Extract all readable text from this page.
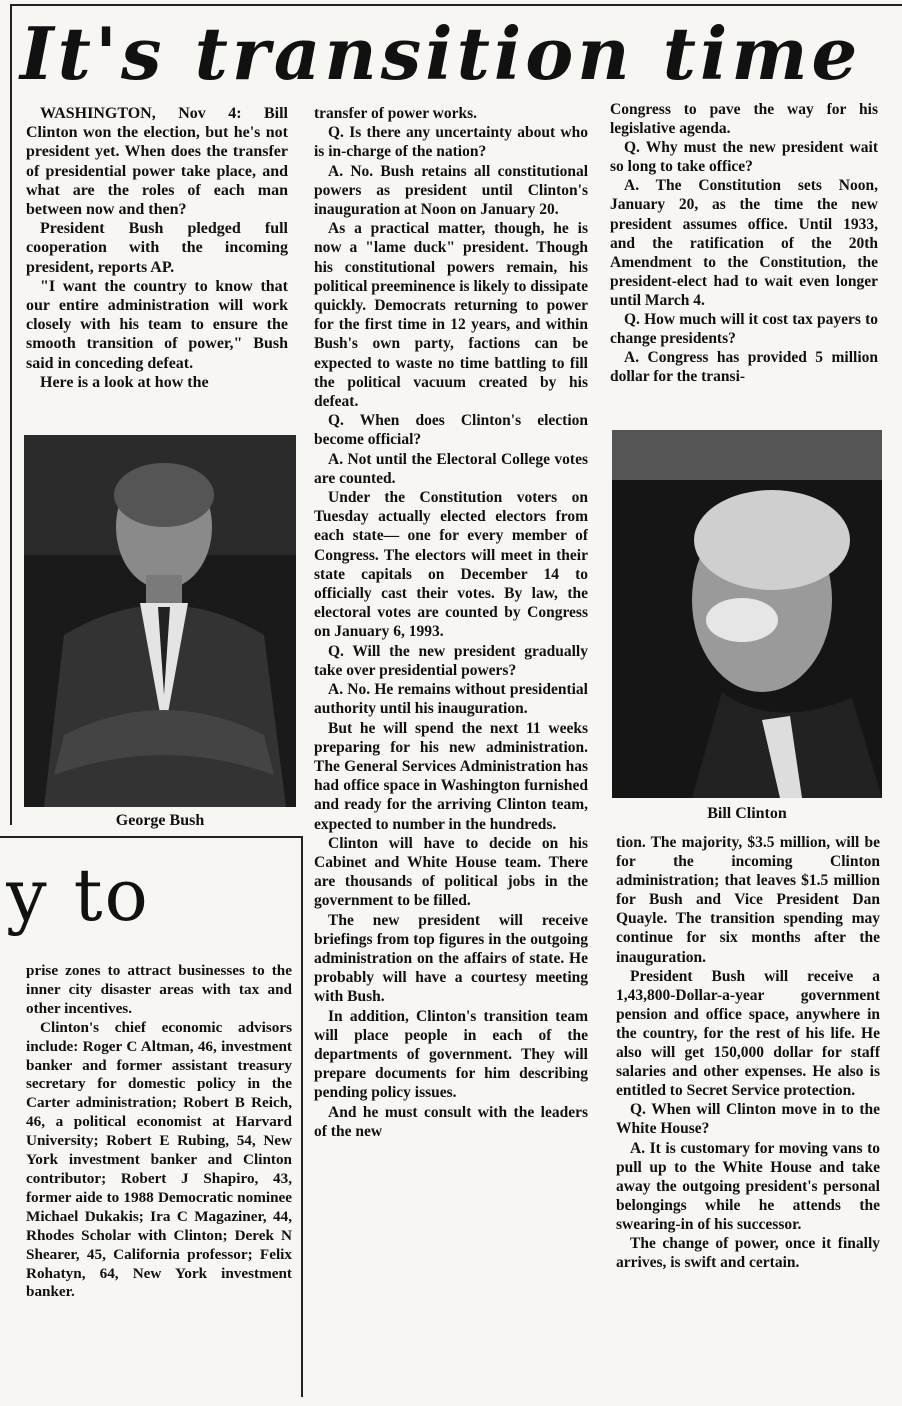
It's transition time

WASHINGTON, Nov 4: Bill Clinton won the election, but he's not president yet. When does the transfer of presidential power take place, and what are the roles of each man between now and then?

President Bush pledged full cooperation with the incoming president, reports AP.

"I want the country to know that our entire administration will work closely with his team to ensure the smooth transition of power," Bush said in conceding defeat.

Here is a look at how the

George Bush
y to

prise zones to attract businesses to the inner city disaster areas with tax and other incentives.

Clinton's chief economic advisors include: Roger C Altman, 46, investment banker and former assistant treasury secretary for domestic policy in the Carter administration; Robert B Reich, 46, a political economist at Harvard University; Robert E Rubing, 54, New York investment banker and Clinton contributor; Robert J Shapiro, 43, former aide to 1988 Democratic nominee Michael Dukakis; Ira C Magaziner, 44, Rhodes Scholar with Clinton; Derek N Shearer, 45, California professor; Felix Rohatyn, 64, New York investment banker.

transfer of power works.

Q. Is there any uncertainty about who is in-charge of the nation?

A. No. Bush retains all constitutional powers as president until Clinton's inauguration at Noon on January 20.

As a practical matter, though, he is now a "lame duck" president. Though his constitutional powers remain, his political preeminence is likely to dissipate quickly. Democrats returning to power for the first time in 12 years, and within Bush's own party, factions can be expected to waste no time battling to fill the political vacuum created by his defeat.

Q. When does Clinton's election become official?

A. Not until the Electoral College votes are counted.

Under the Constitution voters on Tuesday actually elected electors from each state— one for every member of Congress. The electors will meet in their state capitals on December 14 to officially cast their votes. By law, the electoral votes are counted by Congress on January 6, 1993.

Q. Will the new president gradually take over presidential powers?

A. No. He remains without presidential authority until his inauguration.

But he will spend the next 11 weeks preparing for his new administration. The General Services Administration has had office space in Washington furnished and ready for the arriving Clinton team, expected to number in the hundreds.

Clinton will have to decide on his Cabinet and White House team. There are thousands of political jobs in the government to be filled.

The new president will receive briefings from top figures in the outgoing administration on the affairs of state. He probably will have a courtesy meeting with Bush.

In addition, Clinton's transition team will place people in each of the departments of government. They will prepare documents for him describing pending policy issues.

And he must consult with the leaders of the new

Congress to pave the way for his legislative agenda.

Q. Why must the new president wait so long to take office?

A. The Constitution sets Noon, January 20, as the time the new president assumes office. Until 1933, and the ratification of the 20th Amendment to the Constitution, the president-elect had to wait even longer until March 4.

Q. How much will it cost tax payers to change presidents?

A. Congress has provided 5 million dollar for the transi-

Bill Clinton

tion. The majority, $3.5 million, will be for the incoming Clinton administration; that leaves $1.5 million for Bush and Vice President Dan Quayle. The transition spending may continue for six months after the inauguration.

President Bush will receive a 1,43,800-Dollar-a-year government pension and office space, anywhere in the country, for the rest of his life. He also will get 150,000 dollar for staff salaries and other expenses. He also is entitled to Secret Service protection.

Q. When will Clinton move in to the White House?

A. It is customary for moving vans to pull up to the White House and take away the outgoing president's personal belongings while he attends the swearing-in of his successor.

The change of power, once it finally arrives, is swift and certain.
